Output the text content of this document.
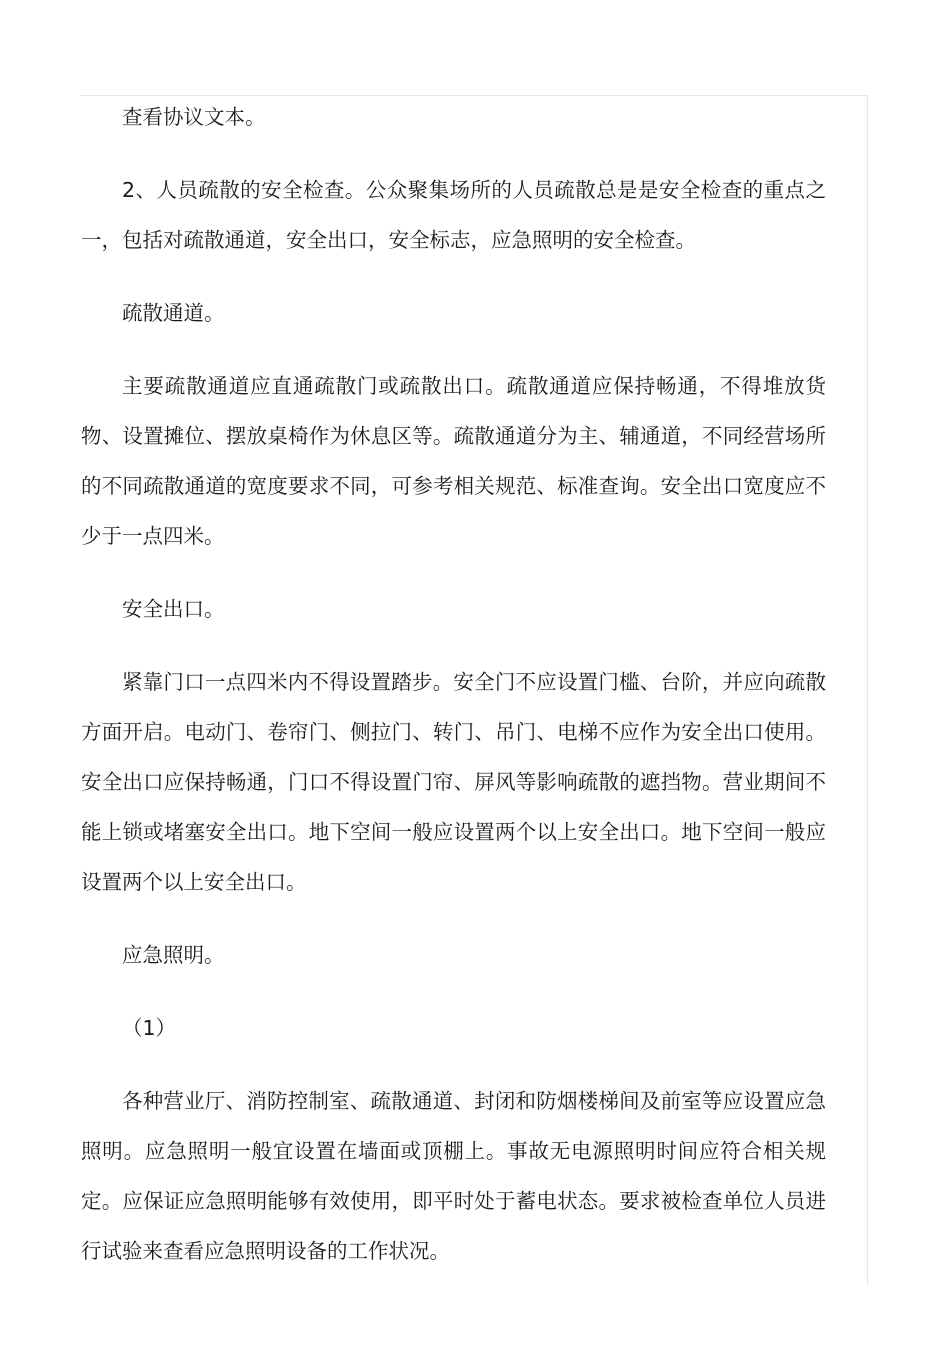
查看协议文本。

2、人员疏散的安全检查。公众聚集场所的人员疏散总是是安全检查的重点之一，包括对疏散通道，安全出口，安全标志，应急照明的安全检查。

疏散通道。

主要疏散通道应直通疏散门或疏散出口。疏散通道应保持畅通，不得堆放货物、设置摊位、摆放桌椅作为休息区等。疏散通道分为主、辅通道，不同经营场所的不同疏散通道的宽度要求不同，可参考相关规范、标准查询。安全出口宽度应不少于一点四米。

安全出口。

紧靠门口一点四米内不得设置踏步。安全门不应设置门槛、台阶，并应向疏散方面开启。电动门、卷帘门、侧拉门、转门、吊门、电梯不应作为安全出口使用。安全出口应保持畅通，门口不得设置门帘、屏风等影响疏散的遮挡物。营业期间不能上锁或堵塞安全出口。地下空间一般应设置两个以上安全出口。地下空间一般应设置两个以上安全出口。

应急照明。

（1）

各种营业厅、消防控制室、疏散通道、封闭和防烟楼梯间及前室等应设置应急照明。应急照明一般宜设置在墙面或顶棚上。事故无电源照明时间应符合相关规定。应保证应急照明能够有效使用，即平时处于蓄电状态。要求被检查单位人员进行试验来查看应急照明设备的工作状况。
